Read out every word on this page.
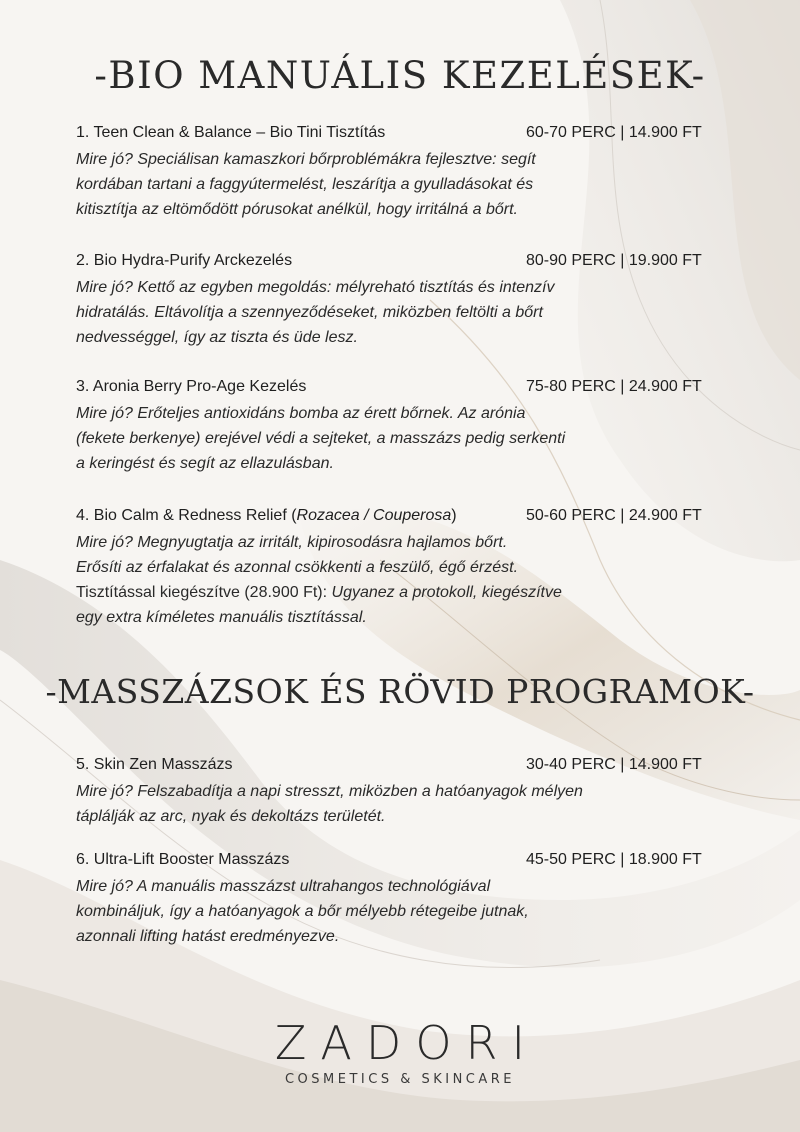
-BIO MANUÁLIS KEZELÉSEK-
1. Teen Clean & Balance – Bio Tini Tisztítás	60-70 PERC | 14.900 FT

Mire jó? Speciálisan kamaszkori bőrproblémákra fejlesztve: segít
kordában tartani a faggyútermelést, leszárítja a gyulladásokat és
kitisztítja az eltömődött pórusokat anélkül, hogy irritálná a bőrt.

2. Bio Hydra-Purify Arckezelés	80-90 PERC | 19.900 FT

Mire jó? Kettő az egyben megoldás: mélyreható tisztítás és intenzív
hidratálás. Eltávolítja a szennyeződéseket, miközben feltölti a bőrt
nedvességgel, így az tiszta és üde lesz.

3. Aronia Berry Pro-Age Kezelés	75-80 PERC | 24.900 FT

Mire jó? Erőteljes antioxidáns bomba az érett bőrnek. Az arónia
(fekete berkenye) erejével védi a sejteket, a masszázs pedig serkenti
a keringést és segít az ellazulásban.

4. Bio Calm & Redness Relief (Rozacea / Couperosa)	50-60 PERC | 24.900 FT

Mire jó? Megnyugtatja az irritált, kipirosodásra hajlamos bőrt.
Erősíti az érfalakat és azonnal csökkenti a feszülő, égő érzést.
Tisztítással kiegészítve (28.900 Ft): Ugyanez a protokoll, kiegészítve
egy extra kíméletes manuális tisztítással.

-MASSZÁZSOK ÉS RÖVID PROGRAMOK-
5. Skin Zen Masszázs	30-40 PERC | 14.900 FT

Mire jó? Felszabadítja a napi stresszt, miközben a hatóanyagok mélyen
táplálják az arc, nyak és dekoltázs területét.

6. Ultra-Lift Booster Masszázs	45-50 PERC | 18.900 FT

Mire jó? A manuális masszázst ultrahangos technológiával
kombináljuk, így a hatóanyagok a bőr mélyebb rétegeibe jutnak,
azonnali lifting hatást eredményezve.

ZADORI
COSMETICS & SKINCARE
